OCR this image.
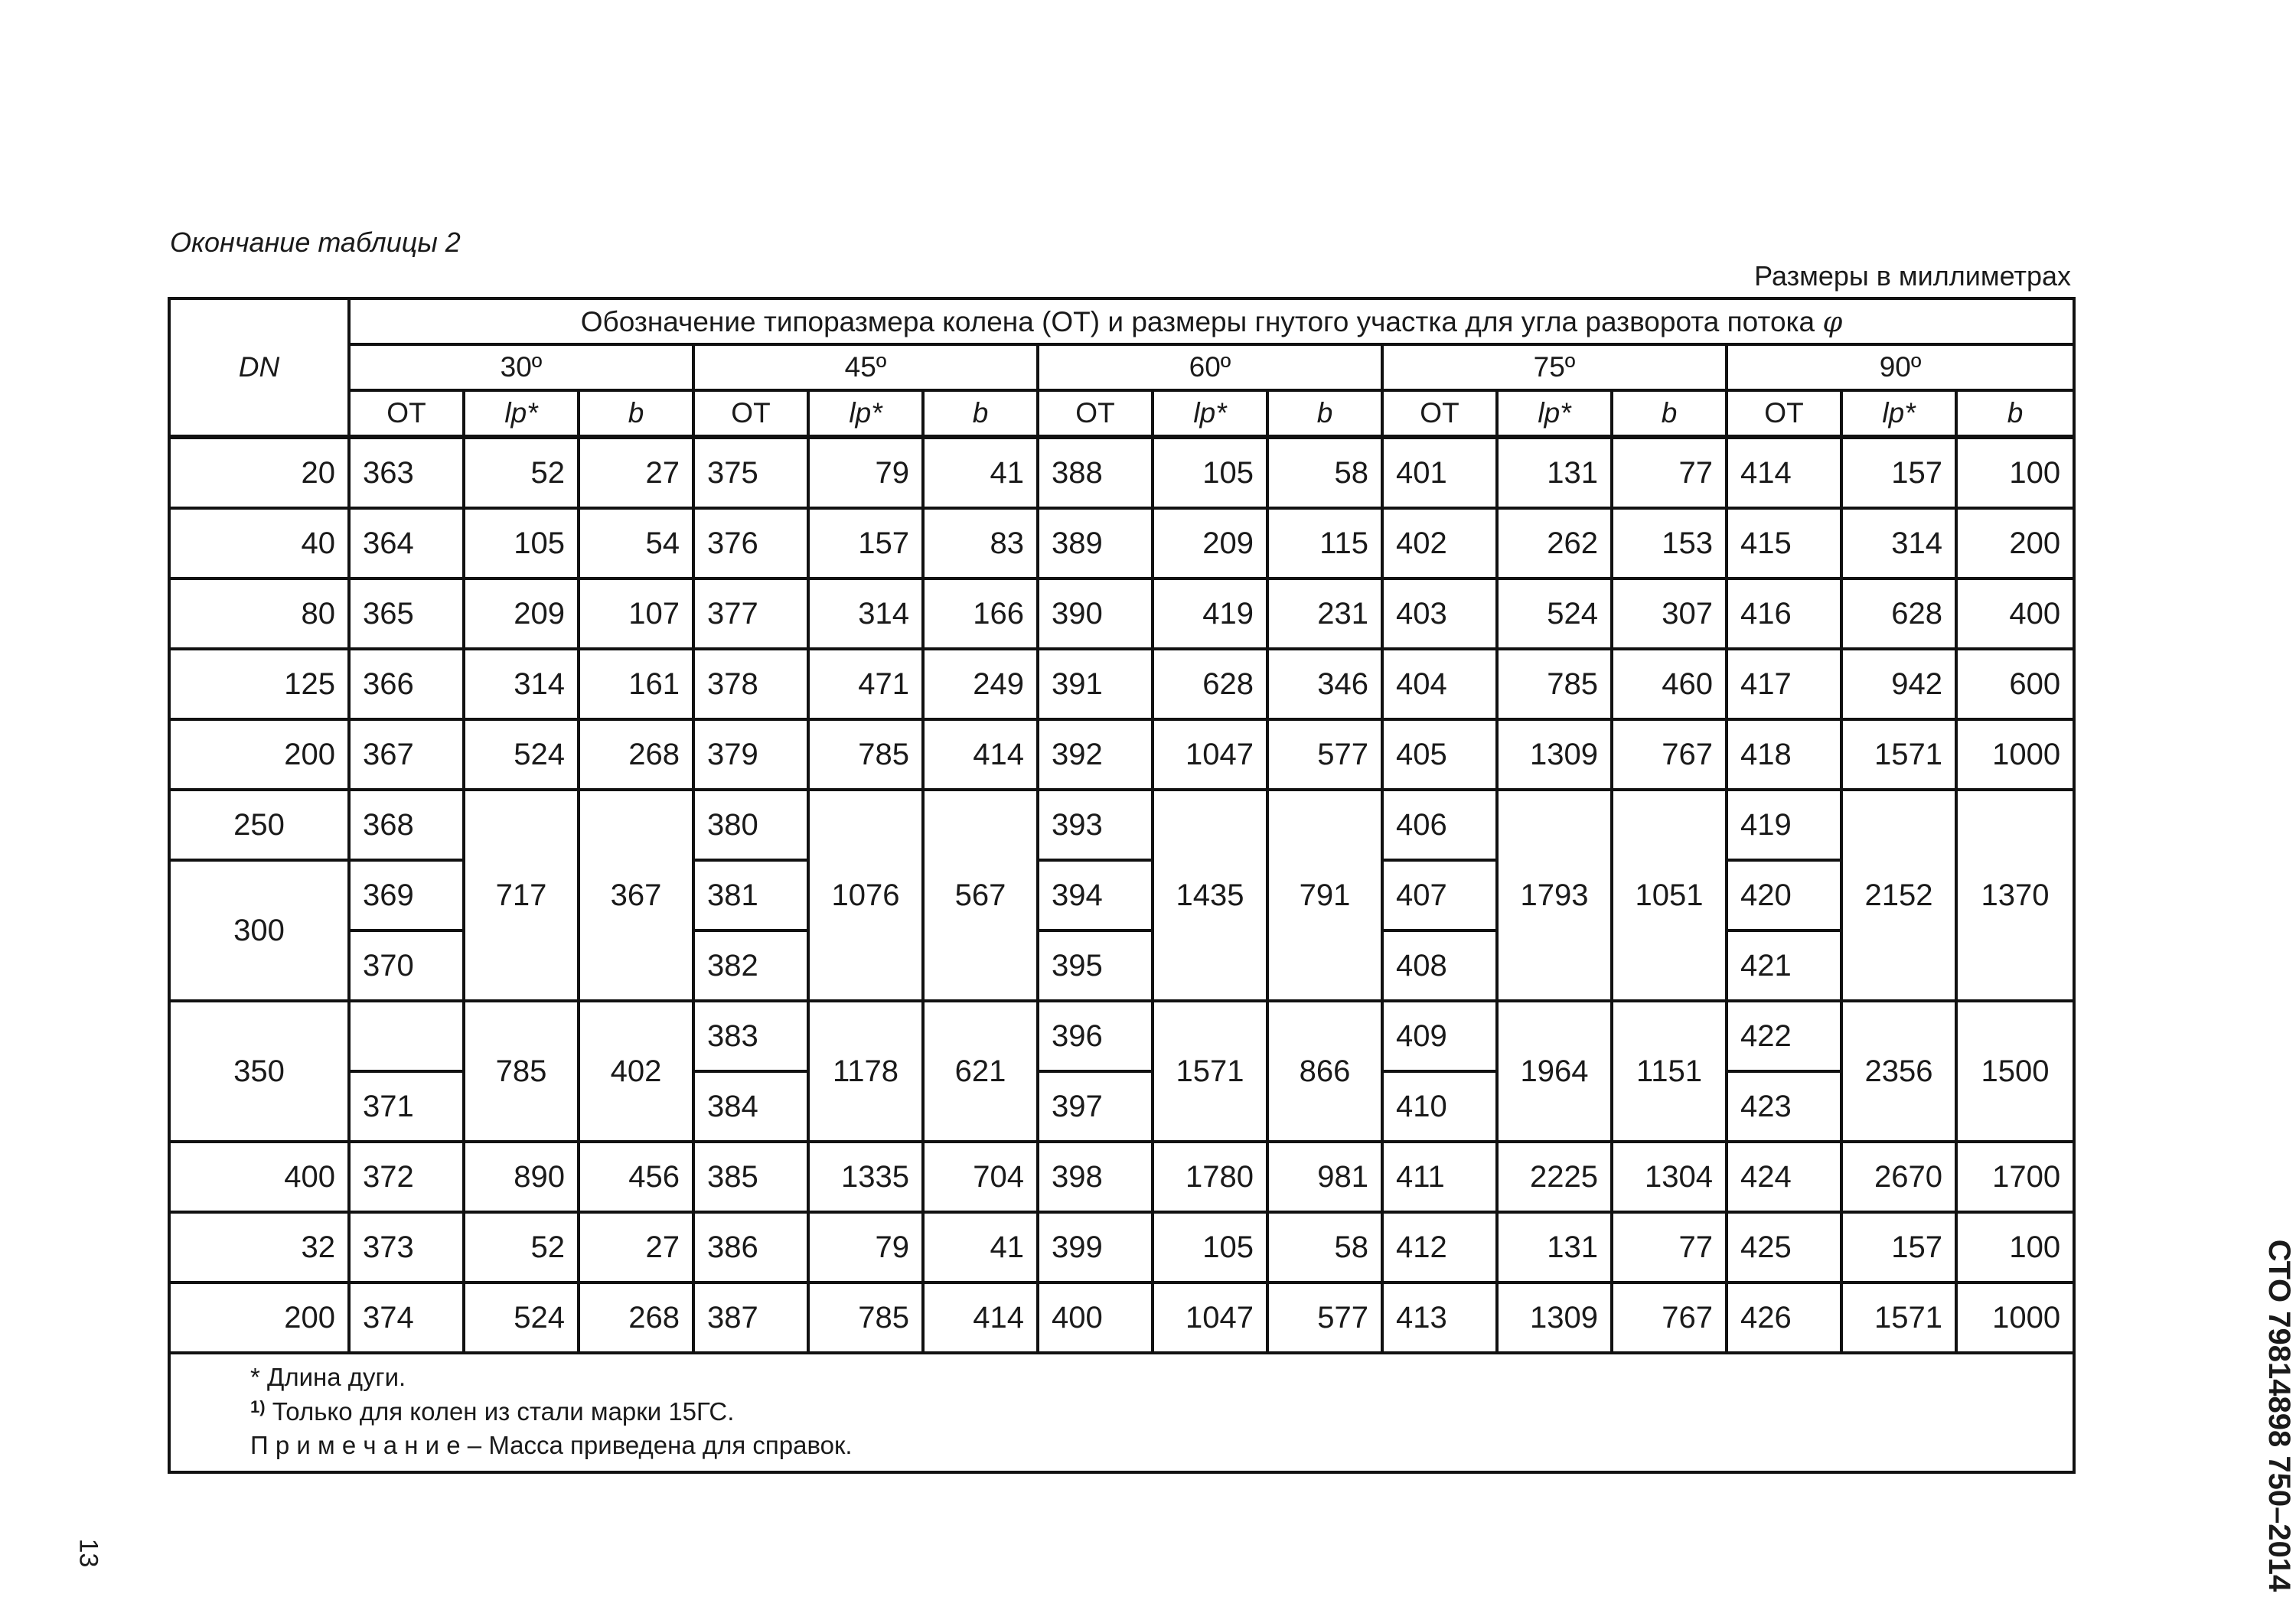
Окончание таблицы 2
Размеры в миллиметрах
DN	Обозначение типоразмера колена (ОТ) и размеры гнутого участка для угла разворота потока φ														
	30º			45º			60º			75º			90º		
	ОТ	lр*	b	ОТ	lр*	b	ОТ	lр*	b	ОТ	lр*	b	ОТ	lр*	b
20	363	52	27	375	79	41	388	105	58	401	131	77	414	157	100
40	364	105	54	376	157	83	389	209	115	402	262	153	415	314	200
80	365	209	107	377	314	166	390	419	231	403	524	307	416	628	400
125	366	314	161	378	471	249	391	628	346	404	785	460	417	942	600
200	367	524	268	379	785	414	392	1047	577	405	1309	767	418	1571	1000
250	368	717	367	380	1076	567	393	1435	791	406	1793	1051	419	2152	1370
300	369			381			394			407			420		
	370			382			395			408			421		
350		785	402	383	1178	621	396	1571	866	409	1964	1151	422	2356	1500
	371			384			397			410			423		
400	372	890	456	385	1335	704	398	1780	981	411	2225	1304	424	2670	1700
32	373	52	27	386	79	41	399	105	58	412	131	77	425	157	100
200	374	524	268	387	785	414	400	1047	577	413	1309	767	426	1571	1000

* Длина дуги.
$^{1)}$ Только для колен из стали марки 15ГС.
П р и м е ч а н и е – Масса приведена для справок.															
13	СТО 79814898 750–2014
